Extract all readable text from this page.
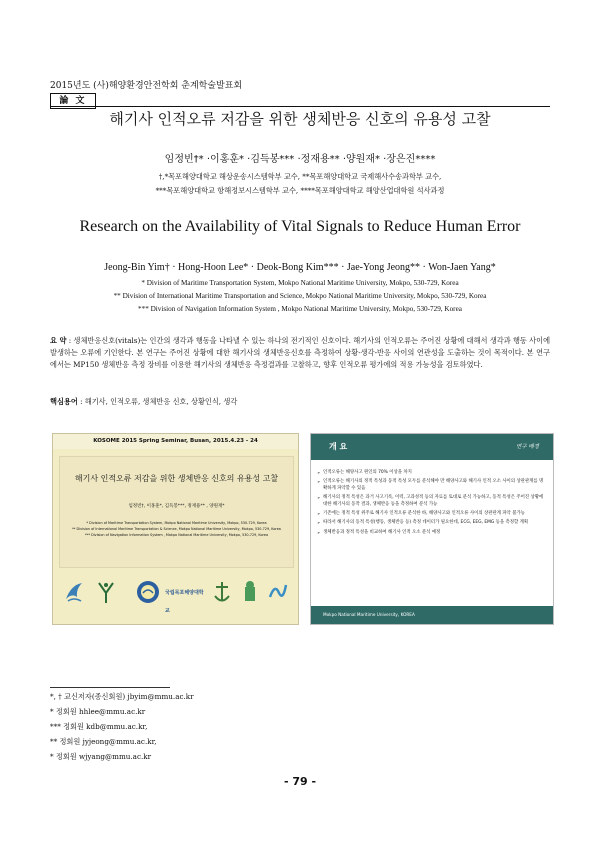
2015년도 (사)해양환경안전학회 춘계학술발표회
論 文
해기사 인적오류 저감을 위한 생체반응 신호의 유용성 고찰
임정빈†* ·이홍훈* ·김득봉*** ·정재용** ·양원재* ·장은진****
†,*목포해양대학교 해상운송시스템학부 교수, **목포해양대학교 국제해사수송과학부 교수,
***목포해양대학교 항해정보시스템학부 교수, ****목포해양대학교 해양산업대학원 석사과정
Research on the Availability of Vital Signals to Reduce Human Error
Jeong-Bin Yim† · Hong-Hoon Lee* · Deok-Bong Kim*** · Jae-Yong Jeong** · Won-Jaen Yang*
* Division of Maritime Transportation System, Mokpo National Maritime University, Mokpo, 530-729, Korea
** Division of International Maritime Transportation and Science, Mokpo National Maritime University, Mokpo, 530-729, Korea
*** Division of Navigation Information System , Mokpo National Maritime University, Mokpo, 530-729, Korea
요 약 : 생체반응신호(vitals)는 인간의 생각과 행동을 나타낼 수 있는 하나의 전기적인 신호이다. 해기사의 인적오류는 주어진 상황에 대해서 생각과 행동 사이에 발생하는 오류에 기인한다. 본 연구는 주어진 상황에 대한 해기사의 생체반응신호를 측정하여 상황-생각-반응 사이의 연관성을 도출하는 것이 목적이다. 본 연구에서는 MP150 생체반응 측정 장비를 이용한 해기사의 생체반응 측정결과를 고찰하고, 향후 인적오류 평가에의 적용 가능성을 검토하였다.
핵심용어 : 해기사, 인적오류, 생체반응 신호, 상황인식, 생각
KOSOME 2015 Spring Seminar, Busan, 2015.4.23 - 24
해기사 인적오류 저감을 위한 생체반응 신호의 유용성 고찰
임정빈†, 이홍훈*, 김득봉***, 정재용** , 양원재*
* Division of Maritime Transportation System, Mokpo National Maritime University, Mokpo, 530-729, Korea
** Division of International Maritime Transportation & Science, Mokpo National Maritime University, Mokpo, 530-729, Korea
*** Division of Navigation Information System , Mokpo National Maritime University, Mokpo, 530-729, Korea
국립목포해양대학교
개 요	연구 배경
➢ 인적오류는 해양사고 원인의 70% 이상을 차지
➢ 인적오류는 해기사의 정적 특성과 동적 특성 모두를 분석해야 만 해양사고와 해기사 인적 오소 사이의 상관관계를 명확하게 파악할 수 있음
➢ 해기사의 정적 특성은 과거 사고기록, 이력, 고과성적 등의 자료를 토대로 분석 가능하고, 동적 특성은 주어진 상황에 대한 해기사의 동작 결과, 생체반응 등을 측정하여 분석 가능
➢ 기존에는 정적 특성 위주로 해기사 인적오류 분석한 바, 해양사고와 인적오류 사이의 상관관계 파악 불가능
➢ 따라서 해기사의 동적 특성(행동, 생체반응 등) 측정 데이터가 필요한데, ECG, EEG, EMG 등을 측정할 계획
➢ 생체반응과 정적 특성을 비교하여 해기사 인적 오소 분석 예정
Mokpo National Maritime University, KOREA
*, † 교신저자(종신회원) jbyim@mmu.ac.kr
* 정회원 hhlee@mmu.ac.kr
*** 정회원 kdb@mmu.ac.kr,
** 정회원 jyjeong@mmu.ac.kr,
* 정회원 wjyang@mmu.ac.kr
- 79 -
